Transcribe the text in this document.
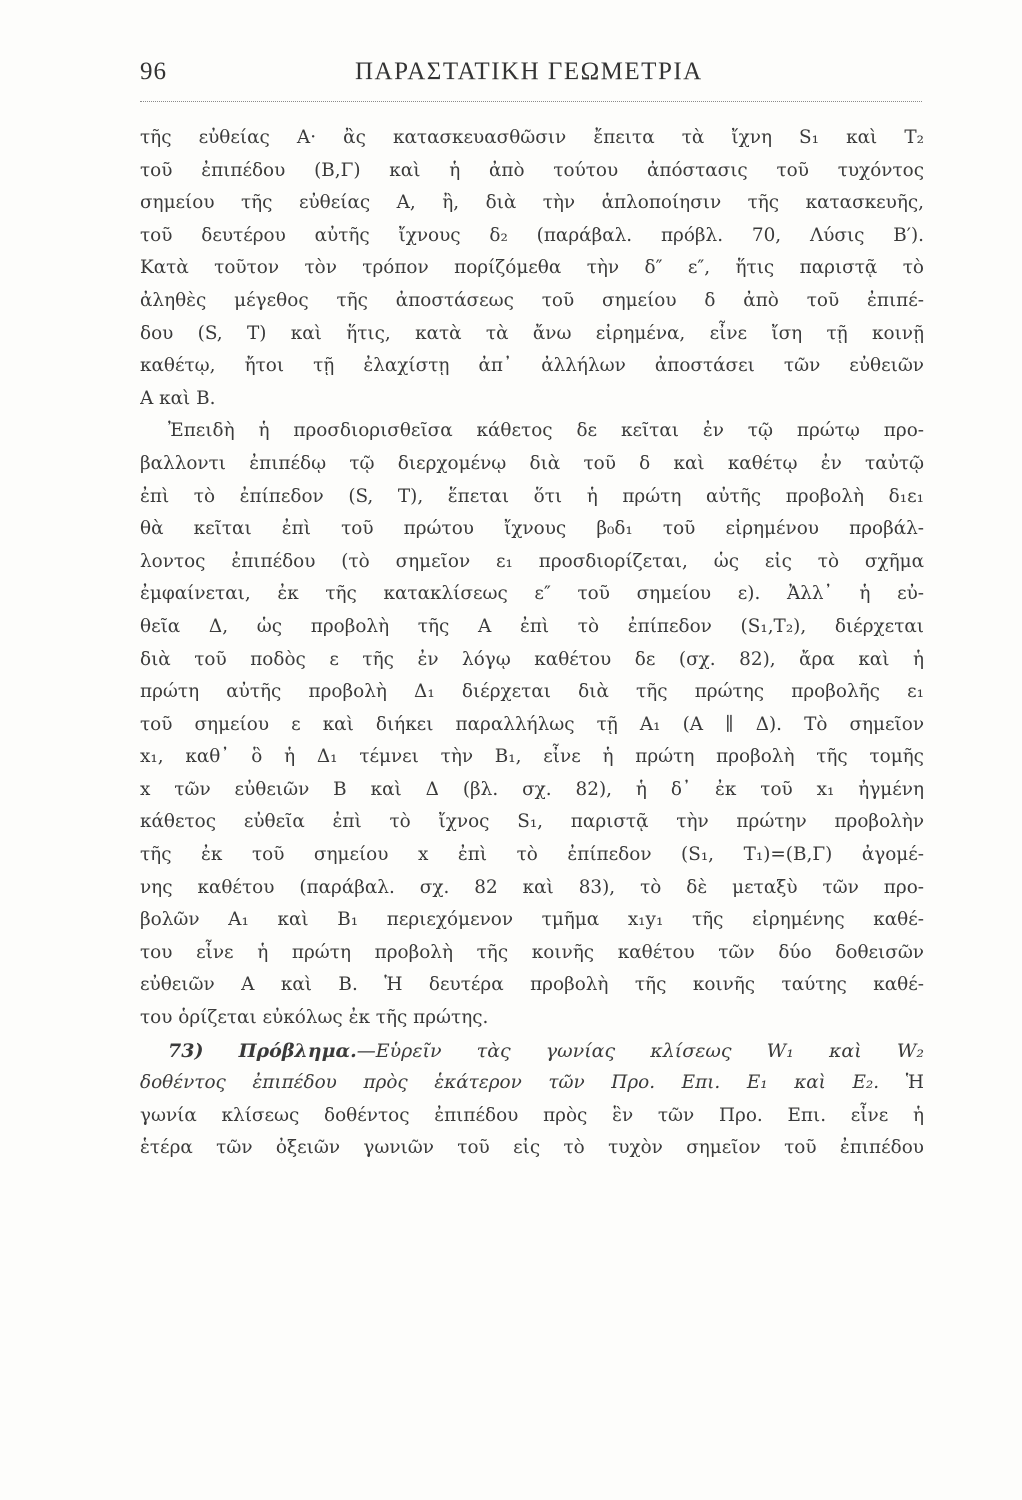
96	ΠΑΡΑΣΤΑΤΙΚΗ ΓΕΩΜΕΤΡΙΑ
τῆς εὐθείας Α· ἂς κατασκευασθῶσιν ἔπειτα τὰ ἴχνη S₁ καὶ T₂
τοῦ ἐπιπέδου (Β,Γ) καὶ ἡ ἀπὸ τούτου ἀπόστασις τοῦ τυχόντος
σημείου τῆς εὐθείας Α, ἢ, διὰ τὴν ἁπλοποίησιν τῆς κατασκευῆς,
τοῦ δευτέρου αὐτῆς ἴχνους δ₂ (παράβαλ. πρόβλ. 70, Λύσις Β′).
Κατὰ τοῦτον τὸν τρόπον πορίζόμεθα τὴν δ″ ε″, ἥτις παριστᾷ τὸ
ἀληθὲς μέγεθος τῆς ἀποστάσεως τοῦ σημείου δ ἀπὸ τοῦ ἐπιπέ-
δου (S, T) καὶ ἥτις, κατὰ τὰ ἄνω εἰρημένα, εἶνε ἴση τῇ κοινῇ
καθέτῳ, ἤτοι τῇ ἐλαχίστῃ ἀπ᾽ ἀλλήλων ἀποστάσει τῶν εὐθειῶν
Α καὶ Β.
Ἐπειδὴ ἡ προσδιορισθεῖσα κάθετος δε κεῖται ἐν τῷ πρώτῳ προ-
βαλλοντι ἐπιπέδῳ τῷ διερχομένῳ διὰ τοῦ δ καὶ καθέτῳ ἐν ταὐτῷ
ἐπὶ τὸ ἐπίπεδον (S, T), ἕπεται ὅτι ἡ πρώτη αὐτῆς προβολὴ δ₁ε₁
θὰ κεῖται ἐπὶ τοῦ πρώτου ἴχνους β₀δ₁ τοῦ εἰρημένου προβάλ-
λοντος ἐπιπέδου (τὸ σημεῖον ε₁ προσδιορίζεται, ὡς εἰς τὸ σχῆμα
ἐμφαίνεται, ἐκ τῆς κατακλίσεως ε″ τοῦ σημείου ε). Ἀλλ᾽ ἡ εὐ-
θεῖα Δ, ὡς προβολὴ τῆς Α ἐπὶ τὸ ἐπίπεδον (S₁,T₂), διέρχεται
διὰ τοῦ ποδὸς ε τῆς ἐν λόγῳ καθέτου δε (σχ. 82), ἄρα καὶ ἡ
πρώτη αὐτῆς προβολὴ Δ₁ διέρχεται διὰ τῆς πρώτης προβολῆς ε₁
τοῦ σημείου ε καὶ διήκει παραλλήλως τῇ Α₁ (Α ∥ Δ). Τὸ σημεῖον
x₁, καθ᾽ ὃ ἡ Δ₁ τέμνει τὴν Β₁, εἶνε ἡ πρώτη προβολὴ τῆς τομῆς
x τῶν εὐθειῶν Β καὶ Δ (βλ. σχ. 82), ἡ δ᾽ ἐκ τοῦ x₁ ἠγμένη
κάθετος εὐθεῖα ἐπὶ τὸ ἴχνος S₁, παριστᾷ τὴν πρώτην προβολὴν
τῆς ἐκ τοῦ σημείου x ἐπὶ τὸ ἐπίπεδον (S₁, T₁)=(Β,Γ) ἀγομέ-
νης καθέτου (παράβαλ. σχ. 82 καὶ 83), τὸ δὲ μεταξὺ τῶν προ-
βολῶν Α₁ καὶ Β₁ περιεχόμενον τμῆμα x₁y₁ τῆς εἰρημένης καθέ-
του εἶνε ἡ πρώτη προβολὴ τῆς κοινῆς καθέτου τῶν δύο δοθεισῶν
εὐθειῶν Α καὶ Β. Ἡ δευτέρα προβολὴ τῆς κοινῆς ταύτης καθέ-
του ὁρίζεται εὐκόλως ἐκ τῆς πρώτης.
73) Πρόβλημα.—Εὑρεῖν τὰς γωνίας κλίσεως W₁ καὶ W₂
δοθέντος ἐπιπέδου πρὸς ἑκάτερον τῶν Προ. Επι. E₁ καὶ E₂. Ἡ
γωνία κλίσεως δοθέντος ἐπιπέδου πρὸς ἓν τῶν Προ. Επι. εἶνε ἡ
ἑτέρα τῶν ὀξειῶν γωνιῶν τοῦ εἰς τὸ τυχὸν σημεῖον τοῦ ἐπιπέδου
